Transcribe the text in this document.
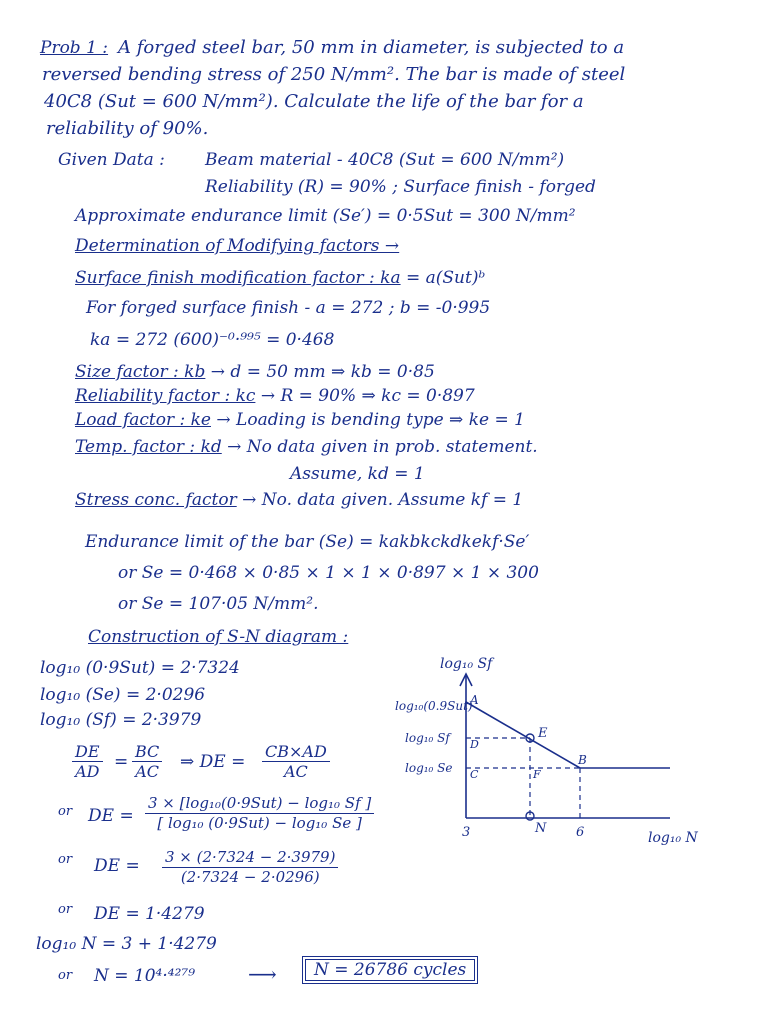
Prob 1 : A forged steel bar, 50 mm in diameter, is subjected to a
reversed bending stress of 250 N/mm². The bar is made of steel
40C8 (Sut = 600 N/mm²). Calculate the life of the bar for a
reliability of 90%.
Given Data : Beam material - 40C8 (Sut = 600 N/mm²)
Reliability (R) = 90% ; Surface finish - forged
Approximate endurance limit (Se′) = 0·5Sut = 300 N/mm²
Determination of Modifying factors →
Surface finish modification factor : ka = a(Sut)ᵇ
For forged surface finish - a = 272 ; b = -0·995
ka = 272 (600)⁻⁰·⁹⁹⁵ = 0·468
Size factor : kb → d = 50 mm ⇒ kb = 0·85
Reliability factor : kc → R = 90% ⇒ kc = 0·897
Load factor : ke → Loading is bending type ⇒ ke = 1
Temp. factor : kd → No data given in prob. statement.
Assume, kd = 1
Stress conc. factor → No. data given. Assume kf = 1
Endurance limit of the bar (Se) = kakbkckdkekf·Se′
or Se = 0·468 × 0·85 × 1 × 1 × 0·897 × 1 × 300
or Se = 107·05 N/mm².
Construction of S-N diagram :
log₁₀ (0·9Sut) = 2·7324
log₁₀ (Se) = 2·0296
log₁₀ (Sf) = 2·3979
$\frac{DE}{AD} = \frac{BC}{AC}$ ⇒ DE = $\frac{CB\times AD}{AC}$
or DE =
3 × [log₁₀(0·9Sut) − log₁₀ Sf ]
[ log₁₀ (0·9Sut) − log₁₀ Se ]
or DE = $\frac{3 \times (2\cdot 7324 - 2\cdot 3979)}{(2\cdot 7324 - 2\cdot 0296)}$
or DE = 1·4279
log₁₀ N = 3 + 1·4279
or N = 10⁴·⁴²⁷⁹	⟶	N = 26786 cycles
log₁₀ Sf
log₁₀(0.9Sut)
log₁₀ Sf
log₁₀ Se
A
D
C
E
B
F
3	N 6	log₁₀ N
